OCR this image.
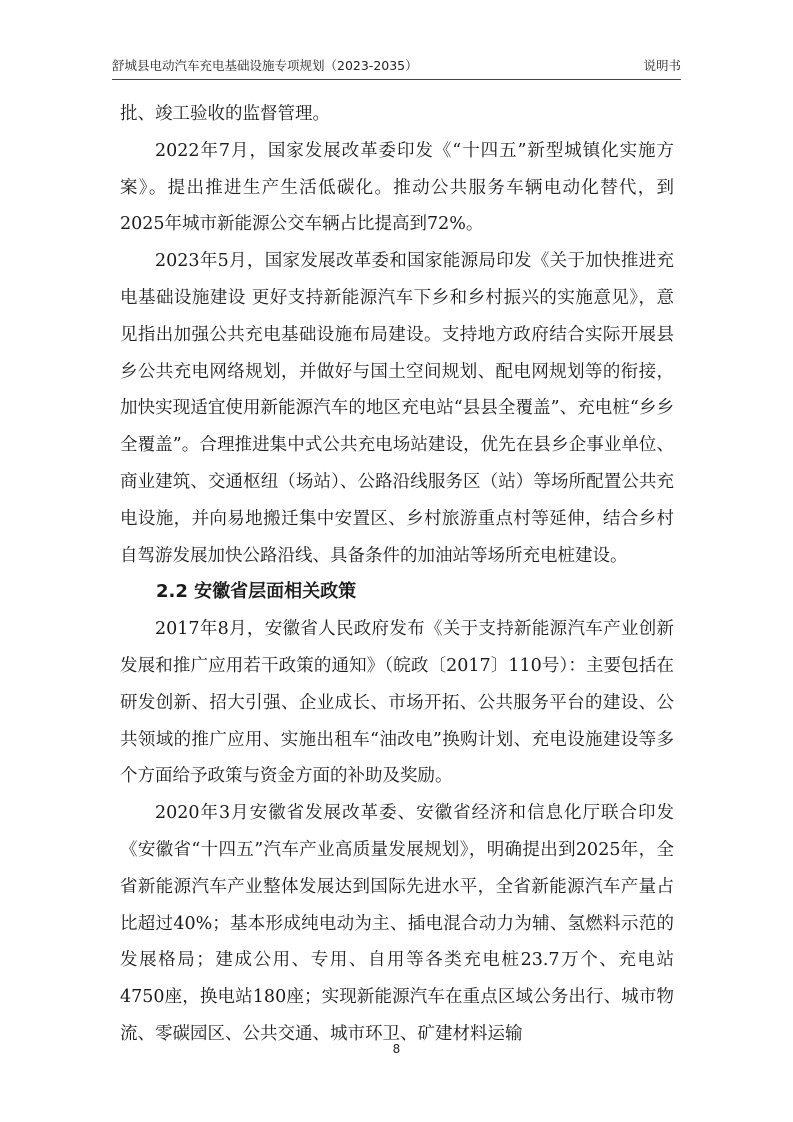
舒城县电动汽车充电基础设施专项规划（2023-2035）	说明书

批、竣工验收的监督管理。

2022年7月，国家发展改革委印发《“十四五”新型城镇化实施方案》。提出推进生产生活低碳化。推动公共服务车辆电动化替代，到2025年城市新能源公交车辆占比提高到72%。

2023年5月，国家发展改革委和国家能源局印发《关于加快推进充电基础设施建设 更好支持新能源汽车下乡和乡村振兴的实施意见》，意见指出加强公共充电基础设施布局建设。支持地方政府结合实际开展县乡公共充电网络规划，并做好与国土空间规划、配电网规划等的衔接，加快实现适宜使用新能源汽车的地区充电站“县县全覆盖”、充电桩“乡乡全覆盖”。合理推进集中式公共充电场站建设，优先在县乡企事业单位、商业建筑、交通枢纽（场站）、公路沿线服务区（站）等场所配置公共充电设施，并向易地搬迁集中安置区、乡村旅游重点村等延伸，结合乡村自驾游发展加快公路沿线、具备条件的加油站等场所充电桩建设。

2.2 安徽省层面相关政策

2017年8月，安徽省人民政府发布《关于支持新能源汽车产业创新发展和推广应用若干政策的通知》（皖政〔2017〕110号）：主要包括在研发创新、招大引强、企业成长、市场开拓、公共服务平台的建设、公共领域的推广应用、实施出租车“油改电”换购计划、充电设施建设等多个方面给予政策与资金方面的补助及奖励。

2020年3月安徽省发展改革委、安徽省经济和信息化厅联合印发《安徽省“十四五”汽车产业高质量发展规划》，明确提出到2025年，全省新能源汽车产业整体发展达到国际先进水平，全省新能源汽车产量占比超过40%；基本形成纯电动为主、插电混合动力为辅、氢燃料示范的发展格局；建成公用、专用、自用等各类充电桩23.7万个、充电站4750座，换电站180座；实现新能源汽车在重点区域公务出行、城市物流、零碳园区、公共交通、城市环卫、矿建材料运输

8
